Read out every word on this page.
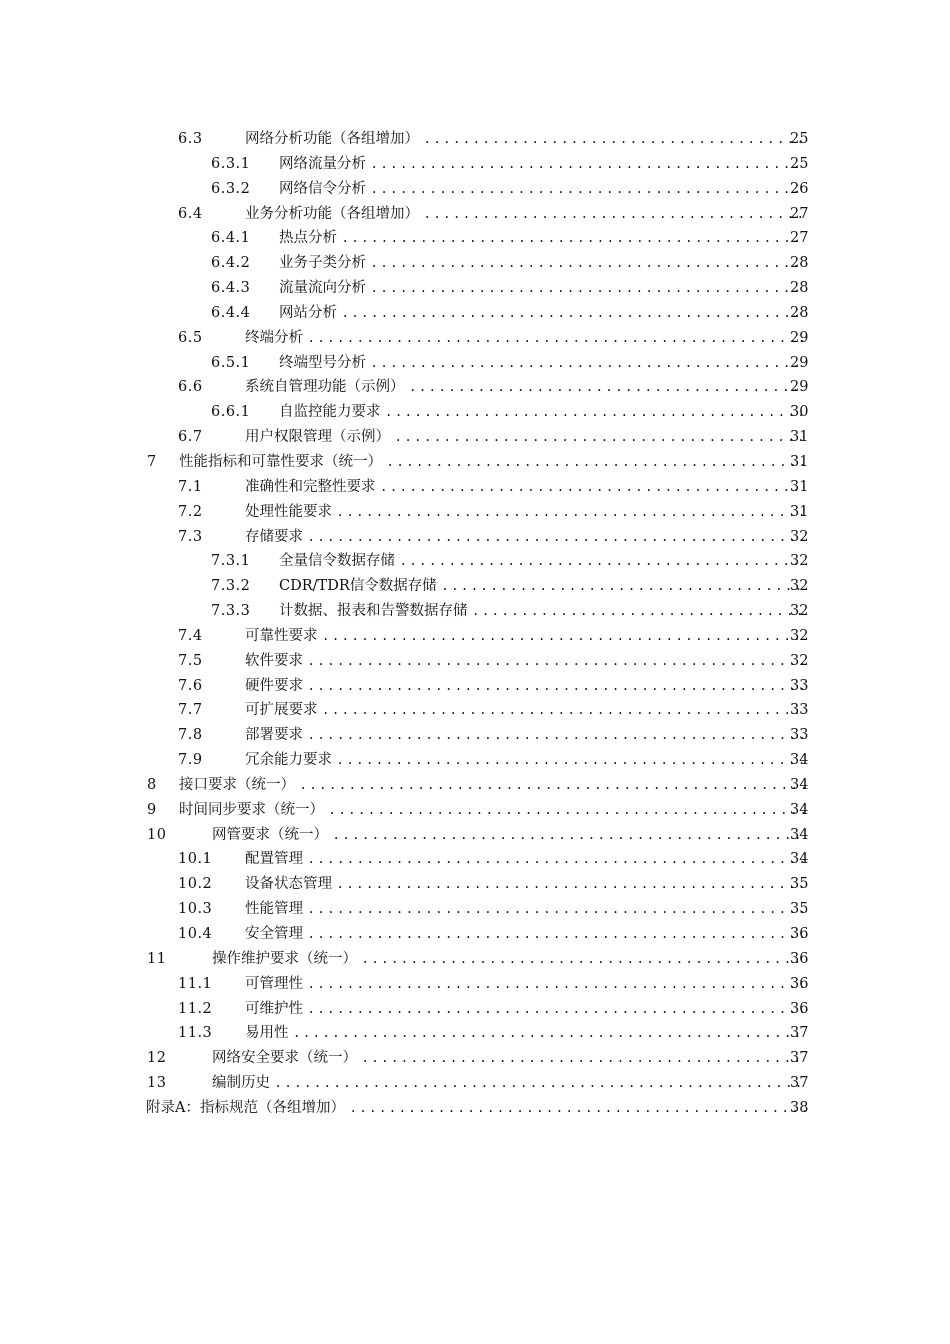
6.3	网络分析功能（各组增加） . . .	25
6.3.1 网络流量分析 . . .	25
6.3.2 网络信令分析 . . .	26
6.4	业务分析功能（各组增加） . . .	27
6.4.1 热点分析 . . .	27
6.4.2 业务子类分析 . . .	28
6.4.3 流量流向分析 . . .	28
6.4.4 网站分析 . . .	28
6.5	终端分析 . . .	29
6.5.1 终端型号分析 . . .	29
6.6	系统自管理功能（示例） . . .	29
6.6.1 自监控能力要求 . . .	30
6.7	用户权限管理（示例） . . .	31
7 性能指标和可靠性要求（统一） . . .	31
7.1	准确性和完整性要求 . . .	31
7.2	处理性能要求 . . .	31
7.3	存储要求 . . .	32
7.3.1 全量信令数据存储 . . .	32
7.3.2 CDR/TDR信令数据存储 . . .	32
7.3.3 计数据、报表和告警数据存储 . . .	32
7.4	可靠性要求 . . .	32
7.5	软件要求 . . .	32
7.6	硬件要求 . . .	33
7.7	可扩展要求 . . .	33
7.8	部署要求 . . .	33
7.9	冗余能力要求 . . .	34
8 接口要求（统一） . . .	34
9 时间同步要求（统一） . . .	34
10	网管要求（统一） . . .	34
10.1 配置管理 . . .	34
10.2 设备状态管理 . . .	35
10.3 性能管理 . . .	35
10.4 安全管理 . . .	36
11	操作维护要求（统一） . . .	36
11.1 可管理性 . . .	36
11.2 可维护性 . . .	36
11.3 易用性 . . .	37
12	网络安全要求（统一） . . .	37
13	编制历史 . . .	37
附录A：指标规范（各组增加） . . .	38
